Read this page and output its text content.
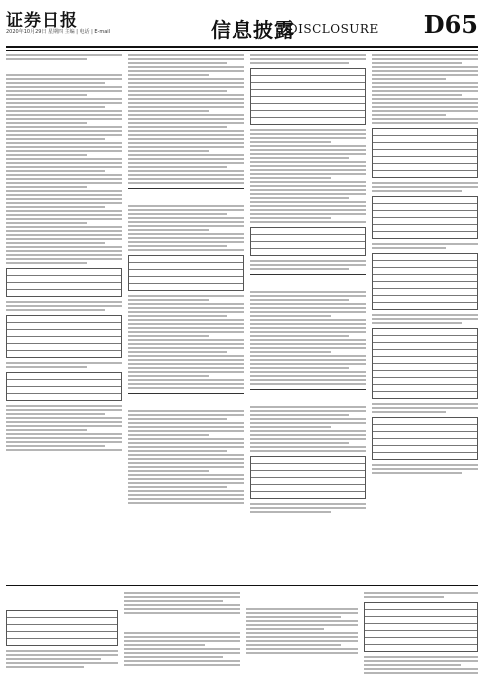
证券日报
2020年10月29日 星期四 主编 | 电话 | E-mail	信息披露
DISCLOSURE D65
